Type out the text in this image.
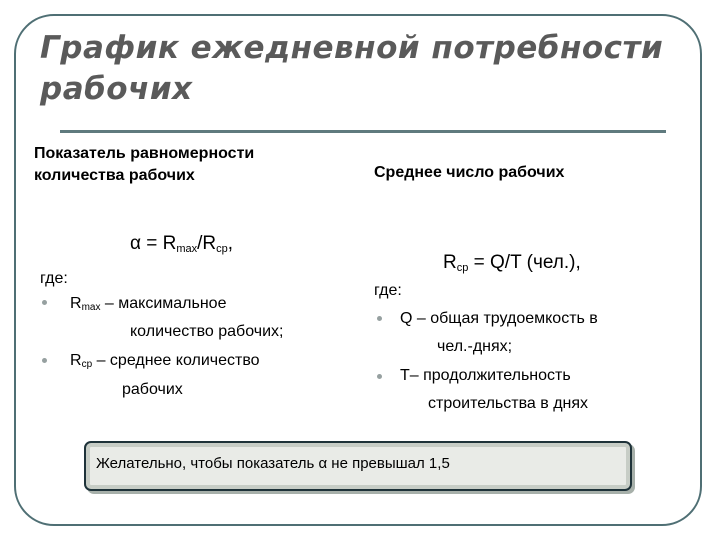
График ежедневной потребности рабочих

Показатель равномерности
количества рабочих

$\alpha = R_{max}/R_{ср}$,
где:
$R_{max}$ – максимальное
количество рабочих;
$R_{ср}$ – среднее количество
рабочих

Среднее число рабочих

$R_{ср} = Q/T$ (чел.),
где:
Q – общая трудоемкость в
чел.-днях;
T– продолжительность
строительства в днях
Желательно, чтобы показатель α не превышал 1,5
